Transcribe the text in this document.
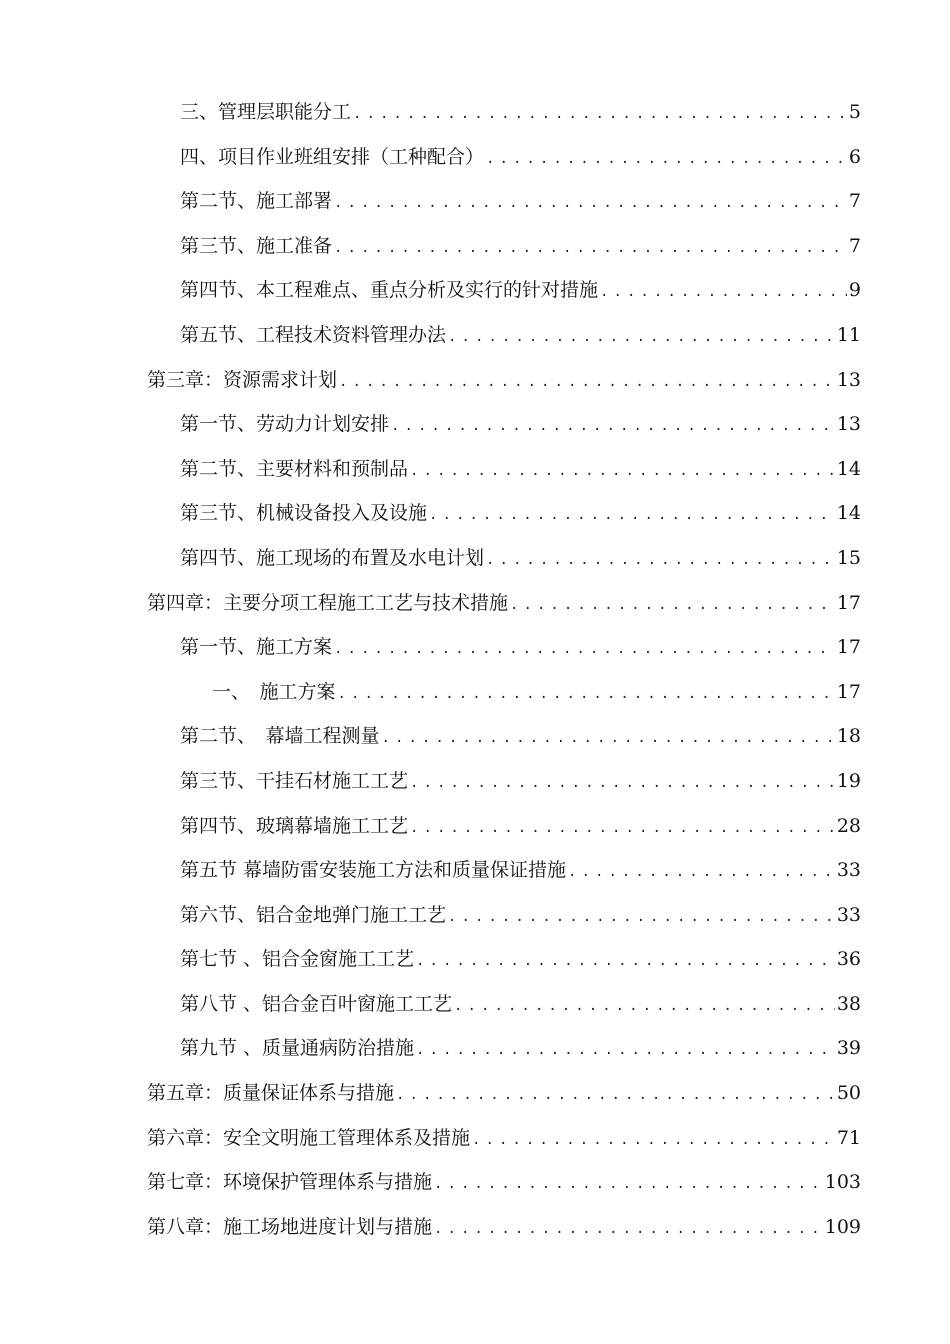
三、管理层职能分工 .....	5
四、项目作业班组安排（工种配合） .....	6
第二节、施工部署 .....	7
第三节、施工准备 .....	7
第四节、本工程难点、重点分析及实行的针对措施 .....	9
第五节、工程技术资料管理办法 .....	11
第三章：资源需求计划 .....	13
第一节、劳动力计划安排 .....	13
第二节、主要材料和预制品 .....	14
第三节、机械设备投入及设施 .....	14
第四节、施工现场的布置及水电计划 .....	15
第四章：主要分项工程施工工艺与技术措施 .....	17
第一节、施工方案 .....	17
一、　施工方案 .....	17
第二节、　幕墙工程测量 .....	18
第三节、干挂石材施工工艺 .....	19
第四节、玻璃幕墙施工工艺 .....	28
第五节 幕墙防雷安装施工方法和质量保证措施 .....	33
第六节、铝合金地弹门施工工艺 .....	33
第七节 、铝合金窗施工工艺 .....	36
第八节 、铝合金百叶窗施工工艺 .....	38
第九节 、质量通病防治措施 .....	39
第五章：质量保证体系与措施 .....	50
第六章：安全文明施工管理体系及措施 .....	71
第七章：环境保护管理体系与措施 .....	103
第八章：施工场地进度计划与措施 .....	109
